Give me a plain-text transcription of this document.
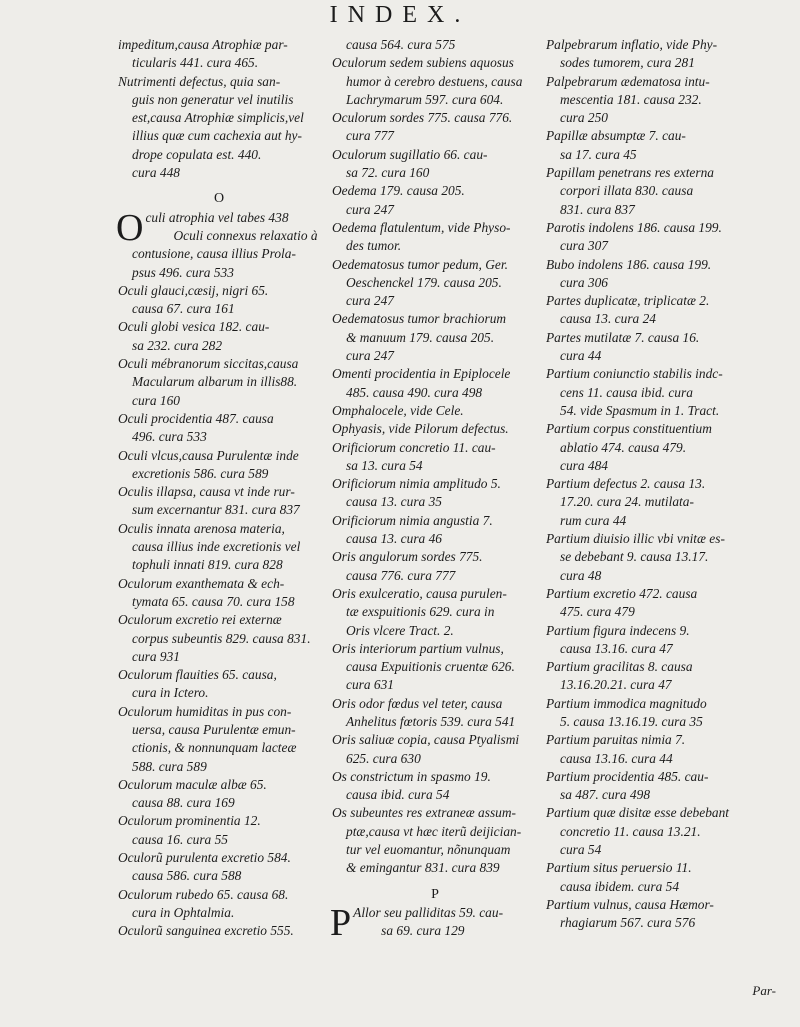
INDEX.
impeditum,causa Atrophiæ par-
ticularis 441. cura 465.
Nutrimenti defectus, quia san-
guis non generatur vel inutilis
est,causa Atrophiæ simplicis,vel
illius quæ cum cachexia aut hy-
drope copulata est. 440.
cura 448
O
Oculi atrophia vel tabes 438
Oculi connexus relaxatio à
contusione, causa illius Prola-
psus 496. cura 533
Oculi glauci,cæsij, nigri 65.
causa 67. cura 161
Oculi globi vesica 182. cau-
sa 232. cura 282
Oculi mébranorum siccitas,causa
Macularum albarum in illis88.
cura 160
Oculi procidentia 487. causa
496. cura 533
Oculi vlcus,causa Purulentæ inde
excretionis 586. cura 589
Oculis illapsa, causa vt inde rur-
sum excernantur 831. cura 837
Oculis innata arenosa materia,
causa illius inde excretionis vel
tophuli innati 819. cura 828
Oculorum exanthemata & ech-
tymata 65. causa 70. cura 158
Oculorum excretio rei externæ
corpus subeuntis 829. causa 831.
cura 931
Oculorum flauities 65. causa,
cura in Ictero.
Oculorum humiditas in pus con-
uersa, causa Purulentæ emun-
ctionis, & nonnunquam lacteæ
588. cura 589
Oculorum maculæ albæ 65.
causa 88. cura 169
Oculorum prominentia 12.
causa 16. cura 55
Oculorũ purulenta excretio 584.
causa 586. cura 588
Oculorum rubedo 65. causa 68.
cura in Ophtalmia.
Oculorũ sanguinea excretio 555.
causa 564. cura 575
Oculorum sedem subiens aquosus
humor à cerebro destuens, causa
Lachrymarum 597. cura 604.
Oculorum sordes 775. causa 776.
cura 777
Oculorum sugillatio 66. cau-
sa 72. cura 160
Oedema 179. causa 205.
cura 247
Oedema flatulentum, vide Physo-
des tumor.
Oedematosus tumor pedum, Ger.
Oeschenckel 179. causa 205.
cura 247
Oedematosus tumor brachiorum
& manuum 179. causa 205.
cura 247
Omenti procidentia in Epiplocele
485. causa 490. cura 498
Omphalocele, vide Cele.
Ophyasis, vide Pilorum defectus.
Orificiorum concretio 11. cau-
sa 13. cura 54
Orificiorum nimia amplitudo 5.
causa 13. cura 35
Orificiorum nimia angustia 7.
causa 13. cura 46
Oris angulorum sordes 775.
causa 776. cura 777
Oris exulceratio, causa purulen-
tæ exspuitionis 629. cura in
Oris vlcere Tract. 2.
Oris interiorum partium vulnus,
causa Expuitionis cruentæ 626.
cura 631
Oris odor fœdus vel teter, causa
Anhelitus fœtoris 539. cura 541
Oris saliuæ copia, causa Ptyalismi
625. cura 630
Os constrictum in spasmo 19.
causa ibid. cura 54
Os subeuntes res extraneæ assum-
ptæ,causa vt hæc iterũ deijician-
tur vel euomantur, nõnunquam
& emingantur 831. cura 839
P
P Allor seu palliditas 59. cau-
sa 69. cura 129
Palpebrarum inflatio, vide Phy-
sodes tumorem, cura 281
Palpebrarum ædematosa intu-
mescentia 181. causa 232.
cura 250
Papillæ absumptæ 7. cau-
sa 17. cura 45
Papillam penetrans res externa
corpori illata 830. causa
831. cura 837
Parotis indolens 186. causa 199.
cura 307
Bubo indolens 186. causa 199.
cura 306
Partes duplicatæ, triplicatæ 2.
causa 13. cura 24
Partes mutilatæ 7. causa 16.
cura 44
Partium coniunctio stabilis indc-
cens 11. causa ibid. cura
54. vide Spasmum in 1. Tract.
Partium corpus constituentium
ablatio 474. causa 479.
cura 484
Partium defectus 2. causa 13.
17.20. cura 24. mutilata-
rum cura 44
Partium diuisio illic vbi vnitæ es-
se debebant 9. causa 13.17.
cura 48
Partium excretio 472. causa
475. cura 479
Partium figura indecens 9.
causa 13.16. cura 47
Partium gracilitas 8. causa
13.16.20.21. cura 47
Partium immodica magnitudo
5. causa 13.16.19. cura 35
Partium paruitas nimia 7.
causa 13.16. cura 44
Partium procidentia 485. cau-
sa 487. cura 498
Partium quæ disitæ esse debebant
concretio 11. causa 13.21.
cura 54
Partium situs peruersio 11.
causa ibidem. cura 54
Partium vulnus, causa Hæmor-
rhagiarum 567. cura 576
Par-
